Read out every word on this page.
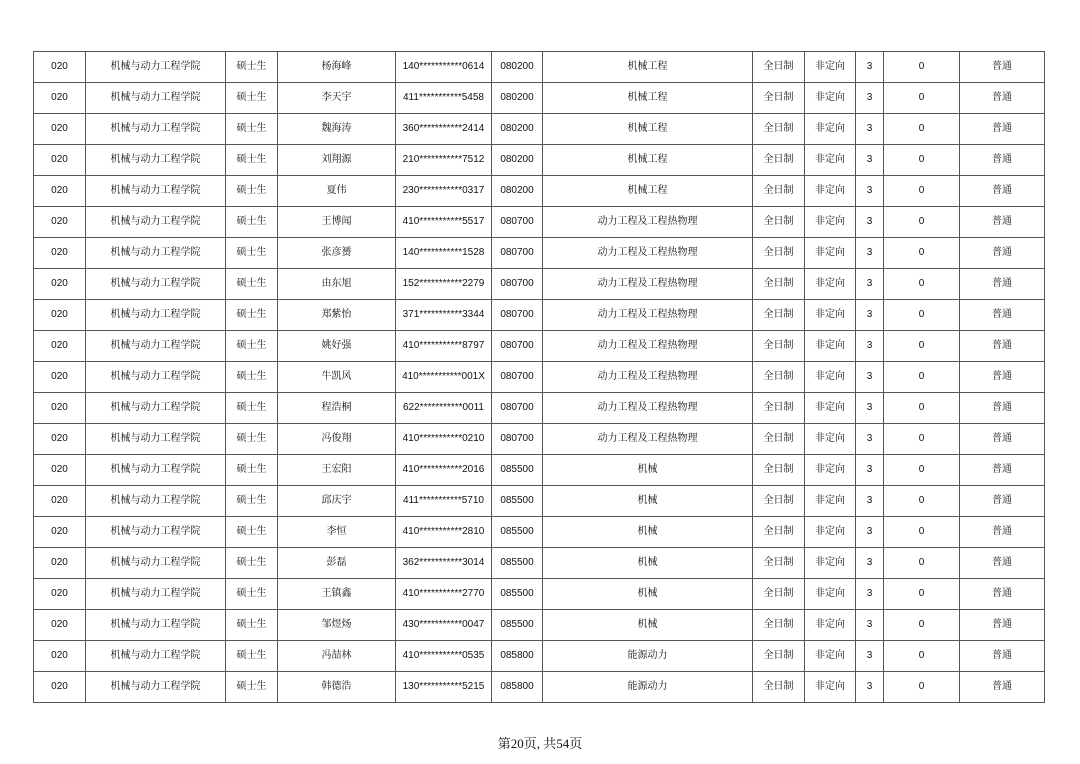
020	机械与动力工程学院	硕士生	杨海峰	140***********0614	080200	机械工程	全日制	非定向	3	0	普通
020	机械与动力工程学院	硕士生	李天宇	411***********5458	080200	机械工程	全日制	非定向	3	0	普通
020	机械与动力工程学院	硕士生	魏海涛	360***********2414	080200	机械工程	全日制	非定向	3	0	普通
020	机械与动力工程学院	硕士生	刘翔源	210***********7512	080200	机械工程	全日制	非定向	3	0	普通
020	机械与动力工程学院	硕士生	夏伟	230***********0317	080200	机械工程	全日制	非定向	3	0	普通
020	机械与动力工程学院	硕士生	王博闻	410***********5517	080700	动力工程及工程热物理	全日制	非定向	3	0	普通
020	机械与动力工程学院	硕士生	张彦赟	140***********1528	080700	动力工程及工程热物理	全日制	非定向	3	0	普通
020	机械与动力工程学院	硕士生	由东旭	152***********2279	080700	动力工程及工程热物理	全日制	非定向	3	0	普通
020	机械与动力工程学院	硕士生	郑紫怡	371***********3344	080700	动力工程及工程热物理	全日制	非定向	3	0	普通
020	机械与动力工程学院	硕士生	姚好强	410***********8797	080700	动力工程及工程热物理	全日制	非定向	3	0	普通
020	机械与动力工程学院	硕士生	牛凯风	410***********001X	080700	动力工程及工程热物理	全日制	非定向	3	0	普通
020	机械与动力工程学院	硕士生	程浩桐	622***********0011	080700	动力工程及工程热物理	全日制	非定向	3	0	普通
020	机械与动力工程学院	硕士生	冯俊翔	410***********0210	080700	动力工程及工程热物理	全日制	非定向	3	0	普通
020	机械与动力工程学院	硕士生	王宏阳	410***********2016	085500	机械	全日制	非定向	3	0	普通
020	机械与动力工程学院	硕士生	邱庆宇	411***********5710	085500	机械	全日制	非定向	3	0	普通
020	机械与动力工程学院	硕士生	李恒	410***********2810	085500	机械	全日制	非定向	3	0	普通
020	机械与动力工程学院	硕士生	彭磊	362***********3014	085500	机械	全日制	非定向	3	0	普通
020	机械与动力工程学院	硕士生	王镇鑫	410***********2770	085500	机械	全日制	非定向	3	0	普通
020	机械与动力工程学院	硕士生	邹煜炀	430***********0047	085500	机械	全日制	非定向	3	0	普通
020	机械与动力工程学院	硕士生	冯喆林	410***********0535	085800	能源动力	全日制	非定向	3	0	普通
020	机械与动力工程学院	硕士生	韩德浩	130***********5215	085800	能源动力	全日制	非定向	3	0	普通
第20页, 共54页
